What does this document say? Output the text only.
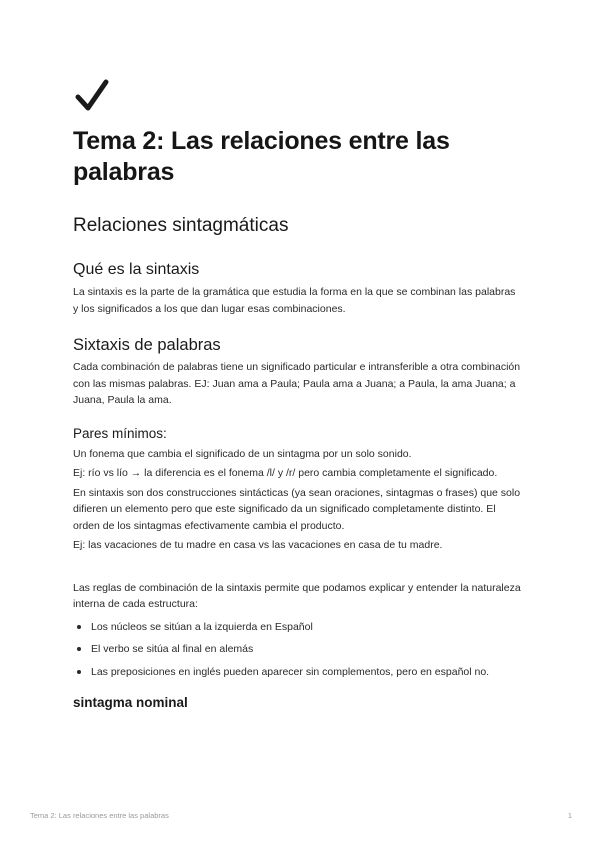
Tema 2: Las relaciones entre las palabras
Relaciones sintagmáticas
Qué es la sintaxis

La sintaxis es la parte de la gramática que estudia la forma en la que se combinan las palabras y los significados a los que dan lugar esas combinaciones.

Sixtaxis de palabras

Cada combinación de palabras tiene un significado particular e intransferible a otra combinación con las mismas palabras. EJ: Juan ama a Paula; Paula ama a Juana; a Paula, la ama Juana; a Juana, Paula la ama.

Pares mínimos:

Un fonema que cambia el significado de un sintagma por un solo sonido.

Ej: río vs lío → la diferencia es el fonema /l/ y /r/ pero cambia completamente el significado.

En sintaxis son dos construcciones sintácticas (ya sean oraciones, sintagmas o frases) que solo difieren un elemento pero que este significado da un significado completamente distinto. El orden de los sintagmas efectivamente cambia el producto.

Ej: las vacaciones de tu madre en casa vs las vacaciones en casa de tu madre.

Las reglas de combinación de la sintaxis permite que podamos explicar y entender la naturaleza interna de cada estructura:

Los núcleos se sitúan a la izquierda en Español
El verbo se sitúa al final en alemás
Las preposiciones en inglés pueden aparecer sin complementos, pero en español no.
sintagma nominal
Tema 2: Las relaciones entre las palabras	1
